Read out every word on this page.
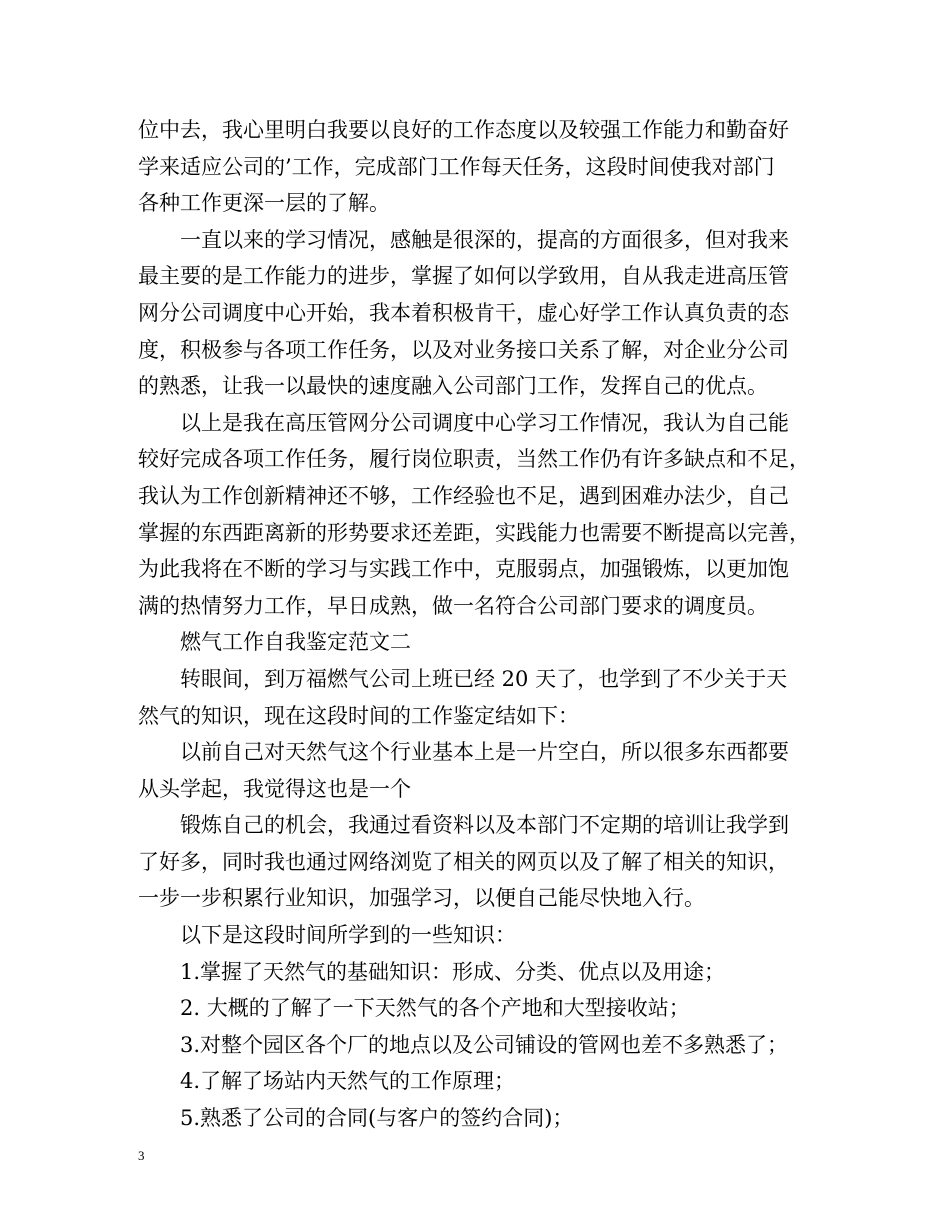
位中去，我心里明白我要以良好的工作态度以及较强工作能力和勤奋好
学来适应公司的’工作，完成部门工作每天任务，这段时间使我对部门
各种工作更深一层的了解。
一直以来的学习情况，感触是很深的，提高的方面很多，但对我来
最主要的是工作能力的进步，掌握了如何以学致用，自从我走进高压管
网分公司调度中心开始，我本着积极肯干，虚心好学工作认真负责的态
度，积极参与各项工作任务，以及对业务接口关系了解，对企业分公司
的熟悉，让我一以最快的速度融入公司部门工作，发挥自己的优点。
以上是我在高压管网分公司调度中心学习工作情况，我认为自己能
较好完成各项工作任务，履行岗位职责，当然工作仍有许多缺点和不足，
我认为工作创新精神还不够，工作经验也不足，遇到困难办法少，自己
掌握的东西距离新的形势要求还差距，实践能力也需要不断提高以完善，
为此我将在不断的学习与实践工作中，克服弱点，加强锻炼，以更加饱
满的热情努力工作，早日成熟，做一名符合公司部门要求的调度员。
燃气工作自我鉴定范文二
转眼间，到万福燃气公司上班已经 20 天了，也学到了不少关于天
然气的知识，现在这段时间的工作鉴定结如下：
以前自己对天然气这个行业基本上是一片空白，所以很多东西都要
从头学起，我觉得这也是一个
锻炼自己的机会，我通过看资料以及本部门不定期的培训让我学到
了好多，同时我也通过网络浏览了相关的网页以及了解了相关的知识，
一步一步积累行业知识，加强学习，以便自己能尽快地入行。
以下是这段时间所学到的一些知识：
1.掌握了天然气的基础知识：形成、分类、优点以及用途；
2. 大概的了解了一下天然气的各个产地和大型接收站；
3.对整个园区各个厂的地点以及公司铺设的管网也差不多熟悉了；
4.了解了场站内天然气的工作原理；
5.熟悉了公司的合同(与客户的签约合同)；
3
